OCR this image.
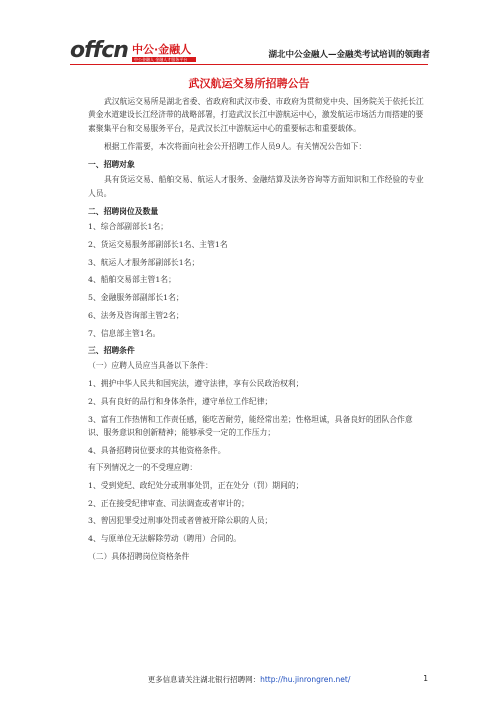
offcn 中公·金融人
中公金融人 金融人才服务平台	湖北中公金融人—金融类考试培训的领跑者
武汉航运交易所招聘公告

武汉航运交易所是湖北省委、省政府和武汉市委、市政府为贯彻党中央、国务院关于依托长江黄金水道建设长江经济带的战略部署，打造武汉长江中游航运中心，激发航运市场活力而搭建的要素聚集平台和交易服务平台，是武汉长江中游航运中心的重要标志和重要载体。

根据工作需要，本次将面向社会公开招聘工作人员9人。有关情况公告如下：

一、招聘对象

具有货运交易、船舶交易、航运人才服务、金融结算及法务咨询等方面知识和工作经验的专业人员。

二、招聘岗位及数量

1、综合部副部长1名；

2、货运交易服务部副部长1名、主管1名

3、航运人才服务部副部长1名；

4、船舶交易部主管1名；

5、金融服务部副部长1名；

6、法务及咨询部主管2名；

7、信息部主管1名。

三、招聘条件

（一）应聘人员应当具备以下条件：

1、拥护中华人民共和国宪法，遵守法律，享有公民政治权利；

2、具有良好的品行和身体条件，遵守单位工作纪律；

3、富有工作热情和工作责任感，能吃苦耐劳，能经常出差；性格坦诚，具备良好的团队合作意识、服务意识和创新精神；能够承受一定的工作压力；

4、具备招聘岗位要求的其他资格条件。

有下列情况之一的不受理应聘：

1、受到党纪、政纪处分或刑事处罚，正在处分（罚）期间的；

2、正在接受纪律审查、司法调查或者审计的；

3、曾因犯罪受过刑事处罚或者曾被开除公职的人员；

4、与原单位无法解除劳动（聘用）合同的。

（二）具体招聘岗位资格条件

更多信息请关注湖北银行招聘网：http://hu.jinrongren.net/	1
